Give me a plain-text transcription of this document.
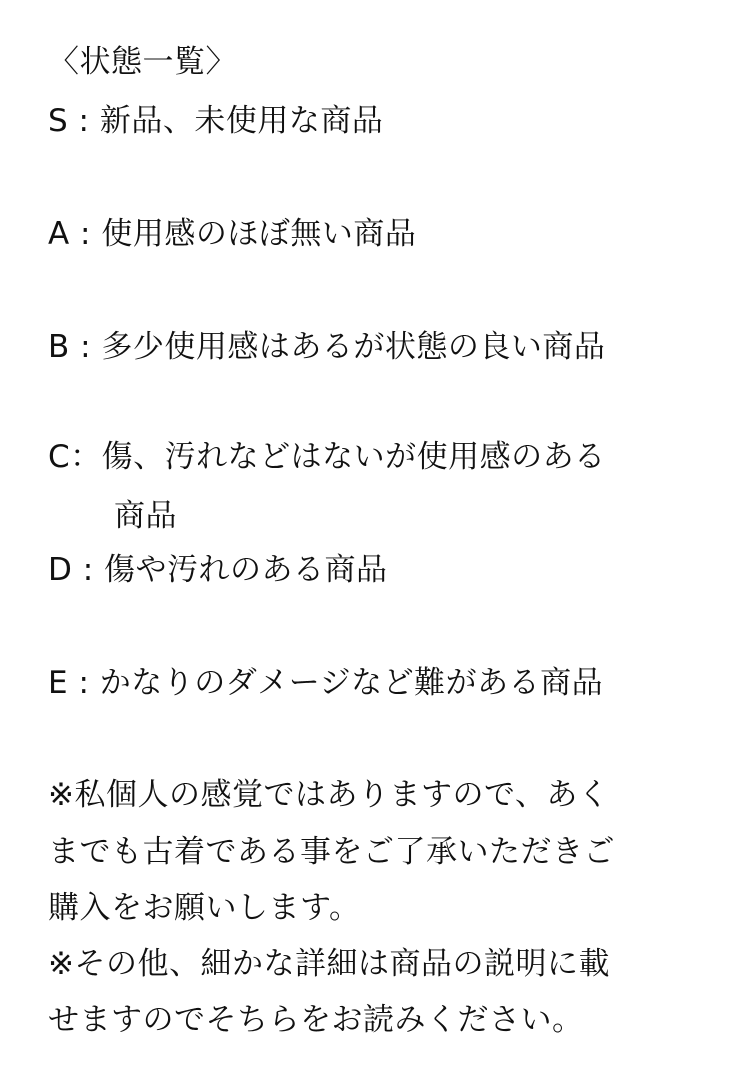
〈状態一覧〉
S : 新品、未使用な商品
A : 使用感のほぼ無い商品
B : 多少使用感はあるが状態の良い商品
C：傷、汚れなどはないが使用感のある
商品
D : 傷や汚れのある商品
E : かなりのダメージなど難がある商品
※私個人の感覚ではありますので、あく
までも古着である事をご了承いただきご
購入をお願いします。
※その他、細かな詳細は商品の説明に載
せますのでそちらをお読みください。
